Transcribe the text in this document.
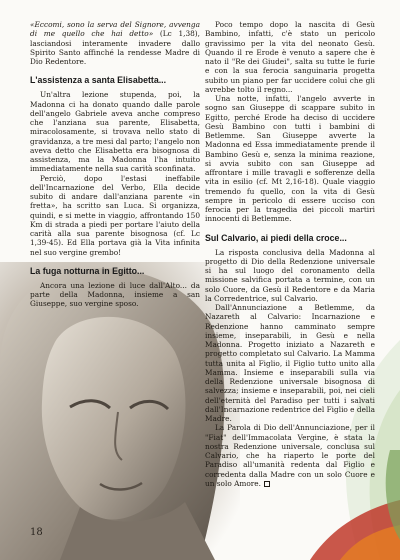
«Eccomi, sono la serva del Signore, avvenga di me quello che hai detto» (Lc 1,38), lasciandosi interamente invadere dallo Spirito Santo affinché la rendesse Madre di Dio Redentore.

L'assistenza a santa Elisabetta...

Un'altra lezione stupenda, poi, la Madonna ci ha donato quando dalle parole dell'angelo Gabriele aveva anche compreso che l'anziana sua parente, Elisabetta, miracolosamente, si trovava nello stato di gravidanza, a tre mesi dal parto; l'angelo non aveva detto che Elisabetta era bisognosa di assistenza, ma la Madonna l'ha intuito immediatamente nella sua carità sconfinata.

Perciò, dopo l'estasi ineffabile dell'Incarnazione del Verbo, Ella decide subito di andare dall'anziana parente «in fretta», ha scritto san Luca. Si organizza, quindi, e si mette in viaggio, affrontando 150 Km di strada a piedi per portare l'aiuto della carità alla sua parente bisognosa (cf. Lc 1,39-45). Ed Ella portava già la Vita infinita nel suo vergine grembo!

La fuga notturna in Egitto...

Ancora una lezione di luce dall'Alto... da parte della Madonna, insieme a san Giuseppe, suo vergine sposo.

Poco tempo dopo la nascita di Gesù Bambino, infatti, c'è stato un pericolo gravissimo per la vita del neonato Gesù. Quando il re Erode è venuto a sapere che è nato il "Re dei Giudei", salta su tutte le furie e con la sua ferocia sanguinaria progetta subito un piano per far uccidere colui che gli avrebbe tolto il regno...

Una notte, infatti, l'angelo avverte in sogno san Giuseppe di scappare subito in Egitto, perché Erode ha deciso di uccidere Gesù Bambino con tutti i bambini di Betlemme. San Giuseppe avverte la Madonna ed Essa immediatamente prende il Bambino Gesù e, senza la minima reazione, si avvia subito con san Giuseppe ad affrontare i mille travagli e sofferenze della vita in esilio (cf. Mt 2,16-18). Quale viaggio tremendo fu quello, con la vita di Gesù sempre in pericolo di essere ucciso con ferocia per la tragedia dei piccoli martiri innocenti di Betlemme.

Sul Calvario, ai piedi della croce...

La risposta conclusiva della Madonna al progetto di Dio della Redenzione universale si ha sul luogo del coronamento della missione salvifica portata a termine, con un solo Cuore, da Gesù il Redentore e da Maria la Corredentrice, sul Calvario.

Dall'Annunciazione a Betlemme, da Nazareth al Calvario: Incarnazione e Redenzione hanno camminato sempre insieme, inseparabili, in Gesù e nella Madonna. Progetto iniziato a Nazareth e progetto completato sul Calvario. La Mamma tutta unita al Figlio, il Figlio tutto unito alla Mamma. Insieme e inseparabili sulla via della Redenzione universale bisognosa di salvezza; insieme e inseparabili, poi, nei cieli dell'eternità del Paradiso per tutti i salvati dall'Incarnazione redentrice del Figlio e della Madre.

La Parola di Dio dell'Annunciazione, per il "Fiat" dell'Immacolata Vergine, è stata la nostra Redenzione universale, conclusa sul Calvario, che ha riaperto le porte del Paradiso all'umanità redenta dal Figlio e corredenta dalla Madre con un solo Cuore e un solo Amore.

18
